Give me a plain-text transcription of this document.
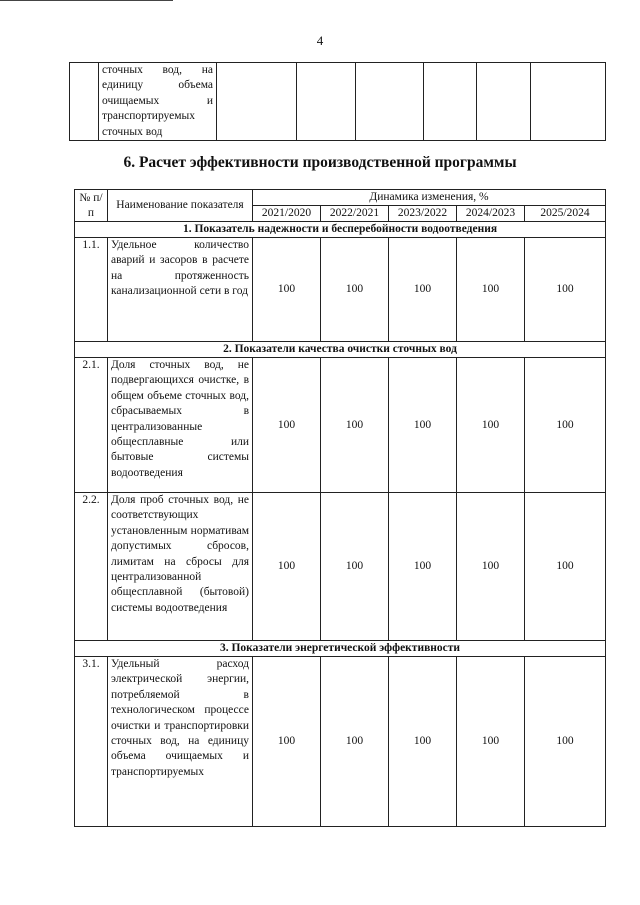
4
	сточных вод, на единицу объема очищаемых и транспортируемых сточных вод						
6. Расчет эффективности производственной программы
№ п/п	Наименование показателя	Динамика изменения, %				
		2021/2020	2022/2021	2023/2022	2024/2023	2025/2024
1. Показатель надежности и бесперебойности водоотведения						
1.1.	Удельное количество аварий и засоров в расчете на протяженность канализационной сети в год	100	100	100	100	100
2. Показатели качества очистки сточных вод						
2.1.	Доля сточных вод, не подвергающихся очистке, в общем объеме сточных вод, сбрасываемых в централизованные общесплавные или бытовые системы водоотведения	100	100	100	100	100
2.2.	Доля проб сточных вод, не соответствующих установленным нормативам допустимых сбросов, лимитам на сбросы для централизованной общесплавной (бытовой) системы водоотведения	100	100	100	100	100
3. Показатели энергетической эффективности						
3.1.	Удельный расход электрической энергии, потребляемой в технологическом процессе очистки и транспортировки сточных вод, на единицу объема очищаемых и транспортируемых	100	100	100	100	100
